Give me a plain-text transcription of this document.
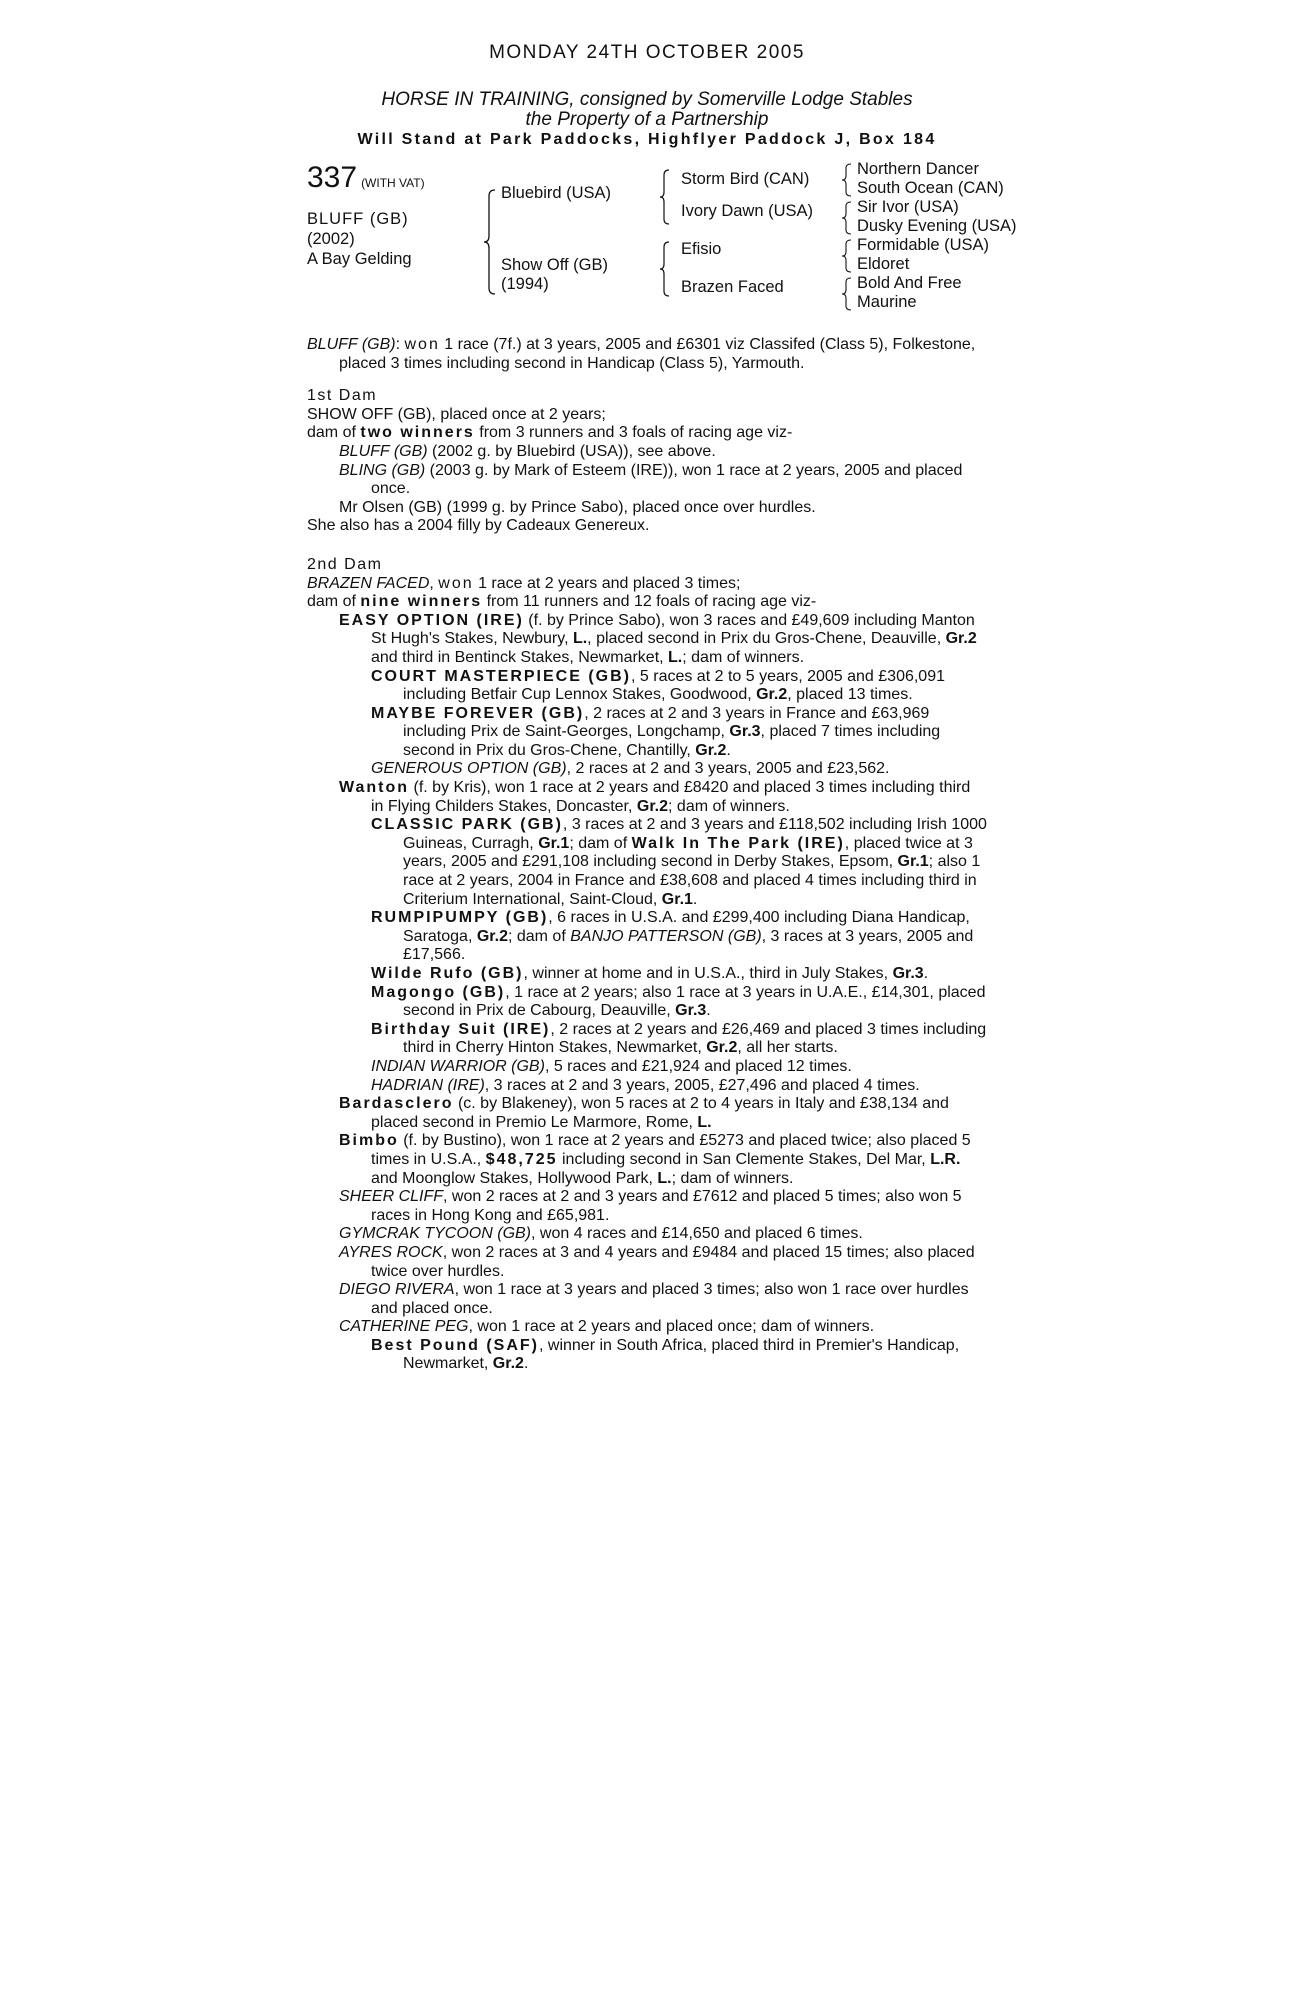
MONDAY 24TH OCTOBER 2005
HORSE IN TRAINING, consigned by Somerville Lodge Stables
the Property of a Partnership
Will Stand at Park Paddocks, Highflyer Paddock J, Box 184
337 (WITH VAT)
BLUFF (GB)
(2002)
A Bay Gelding
Bluebird (USA)
Show Off (GB)
(1994)
Storm Bird (CAN)
Ivory Dawn (USA)
Efisio
Brazen Faced
Northern Dancer
South Ocean (CAN)
Sir Ivor (USA)
Dusky Evening (USA)
Formidable (USA)
Eldoret
Bold And Free
Maurine

BLUFF (GB): won 1 race (7f.) at 3 years, 2005 and £6301 viz Classifed (Class 5), Folkestone, placed 3 times including second in Handicap (Class 5), Yarmouth.

1st Dam

SHOW OFF (GB), placed once at 2 years;

dam of two winners from 3 runners and 3 foals of racing age viz-

BLUFF (GB) (2002 g. by Bluebird (USA)), see above.

BLING (GB) (2003 g. by Mark of Esteem (IRE)), won 1 race at 2 years, 2005 and placed once.

Mr Olsen (GB) (1999 g. by Prince Sabo), placed once over hurdles.

She also has a 2004 filly by Cadeaux Genereux.

2nd Dam

BRAZEN FACED, won 1 race at 2 years and placed 3 times;

dam of nine winners from 11 runners and 12 foals of racing age viz-

EASY OPTION (IRE) (f. by Prince Sabo), won 3 races and £49,609 including Manton St Hugh's Stakes, Newbury, L., placed second in Prix du Gros-Chene, Deauville, Gr.2 and third in Bentinck Stakes, Newmarket, L.; dam of winners.

COURT MASTERPIECE (GB), 5 races at 2 to 5 years, 2005 and £306,091 including Betfair Cup Lennox Stakes, Goodwood, Gr.2, placed 13 times.

MAYBE FOREVER (GB), 2 races at 2 and 3 years in France and £63,969 including Prix de Saint-Georges, Longchamp, Gr.3, placed 7 times including second in Prix du Gros-Chene, Chantilly, Gr.2.

GENEROUS OPTION (GB), 2 races at 2 and 3 years, 2005 and £23,562.

Wanton (f. by Kris), won 1 race at 2 years and £8420 and placed 3 times including third in Flying Childers Stakes, Doncaster, Gr.2; dam of winners.

CLASSIC PARK (GB), 3 races at 2 and 3 years and £118,502 including Irish 1000 Guineas, Curragh, Gr.1; dam of Walk In The Park (IRE), placed twice at 3 years, 2005 and £291,108 including second in Derby Stakes, Epsom, Gr.1; also 1 race at 2 years, 2004 in France and £38,608 and placed 4 times including third in Criterium International, Saint-Cloud, Gr.1.

RUMPIPUMPY (GB), 6 races in U.S.A. and £299,400 including Diana Handicap, Saratoga, Gr.2; dam of BANJO PATTERSON (GB), 3 races at 3 years, 2005 and £17,566.

Wilde Rufo (GB), winner at home and in U.S.A., third in July Stakes, Gr.3.

Magongo (GB), 1 race at 2 years; also 1 race at 3 years in U.A.E., £14,301, placed second in Prix de Cabourg, Deauville, Gr.3.

Birthday Suit (IRE), 2 races at 2 years and £26,469 and placed 3 times including third in Cherry Hinton Stakes, Newmarket, Gr.2, all her starts.

INDIAN WARRIOR (GB), 5 races and £21,924 and placed 12 times.

HADRIAN (IRE), 3 races at 2 and 3 years, 2005, £27,496 and placed 4 times.

Bardasclero (c. by Blakeney), won 5 races at 2 to 4 years in Italy and £38,134 and placed second in Premio Le Marmore, Rome, L.

Bimbo (f. by Bustino), won 1 race at 2 years and £5273 and placed twice; also placed 5 times in U.S.A., $48,725 including second in San Clemente Stakes, Del Mar, L.R. and Moonglow Stakes, Hollywood Park, L.; dam of winners.

SHEER CLIFF, won 2 races at 2 and 3 years and £7612 and placed 5 times; also won 5 races in Hong Kong and £65,981.

GYMCRAK TYCOON (GB), won 4 races and £14,650 and placed 6 times.

AYRES ROCK, won 2 races at 3 and 4 years and £9484 and placed 15 times; also placed twice over hurdles.

DIEGO RIVERA, won 1 race at 3 years and placed 3 times; also won 1 race over hurdles and placed once.

CATHERINE PEG, won 1 race at 2 years and placed once; dam of winners.

Best Pound (SAF), winner in South Africa, placed third in Premier's Handicap, Newmarket, Gr.2.
